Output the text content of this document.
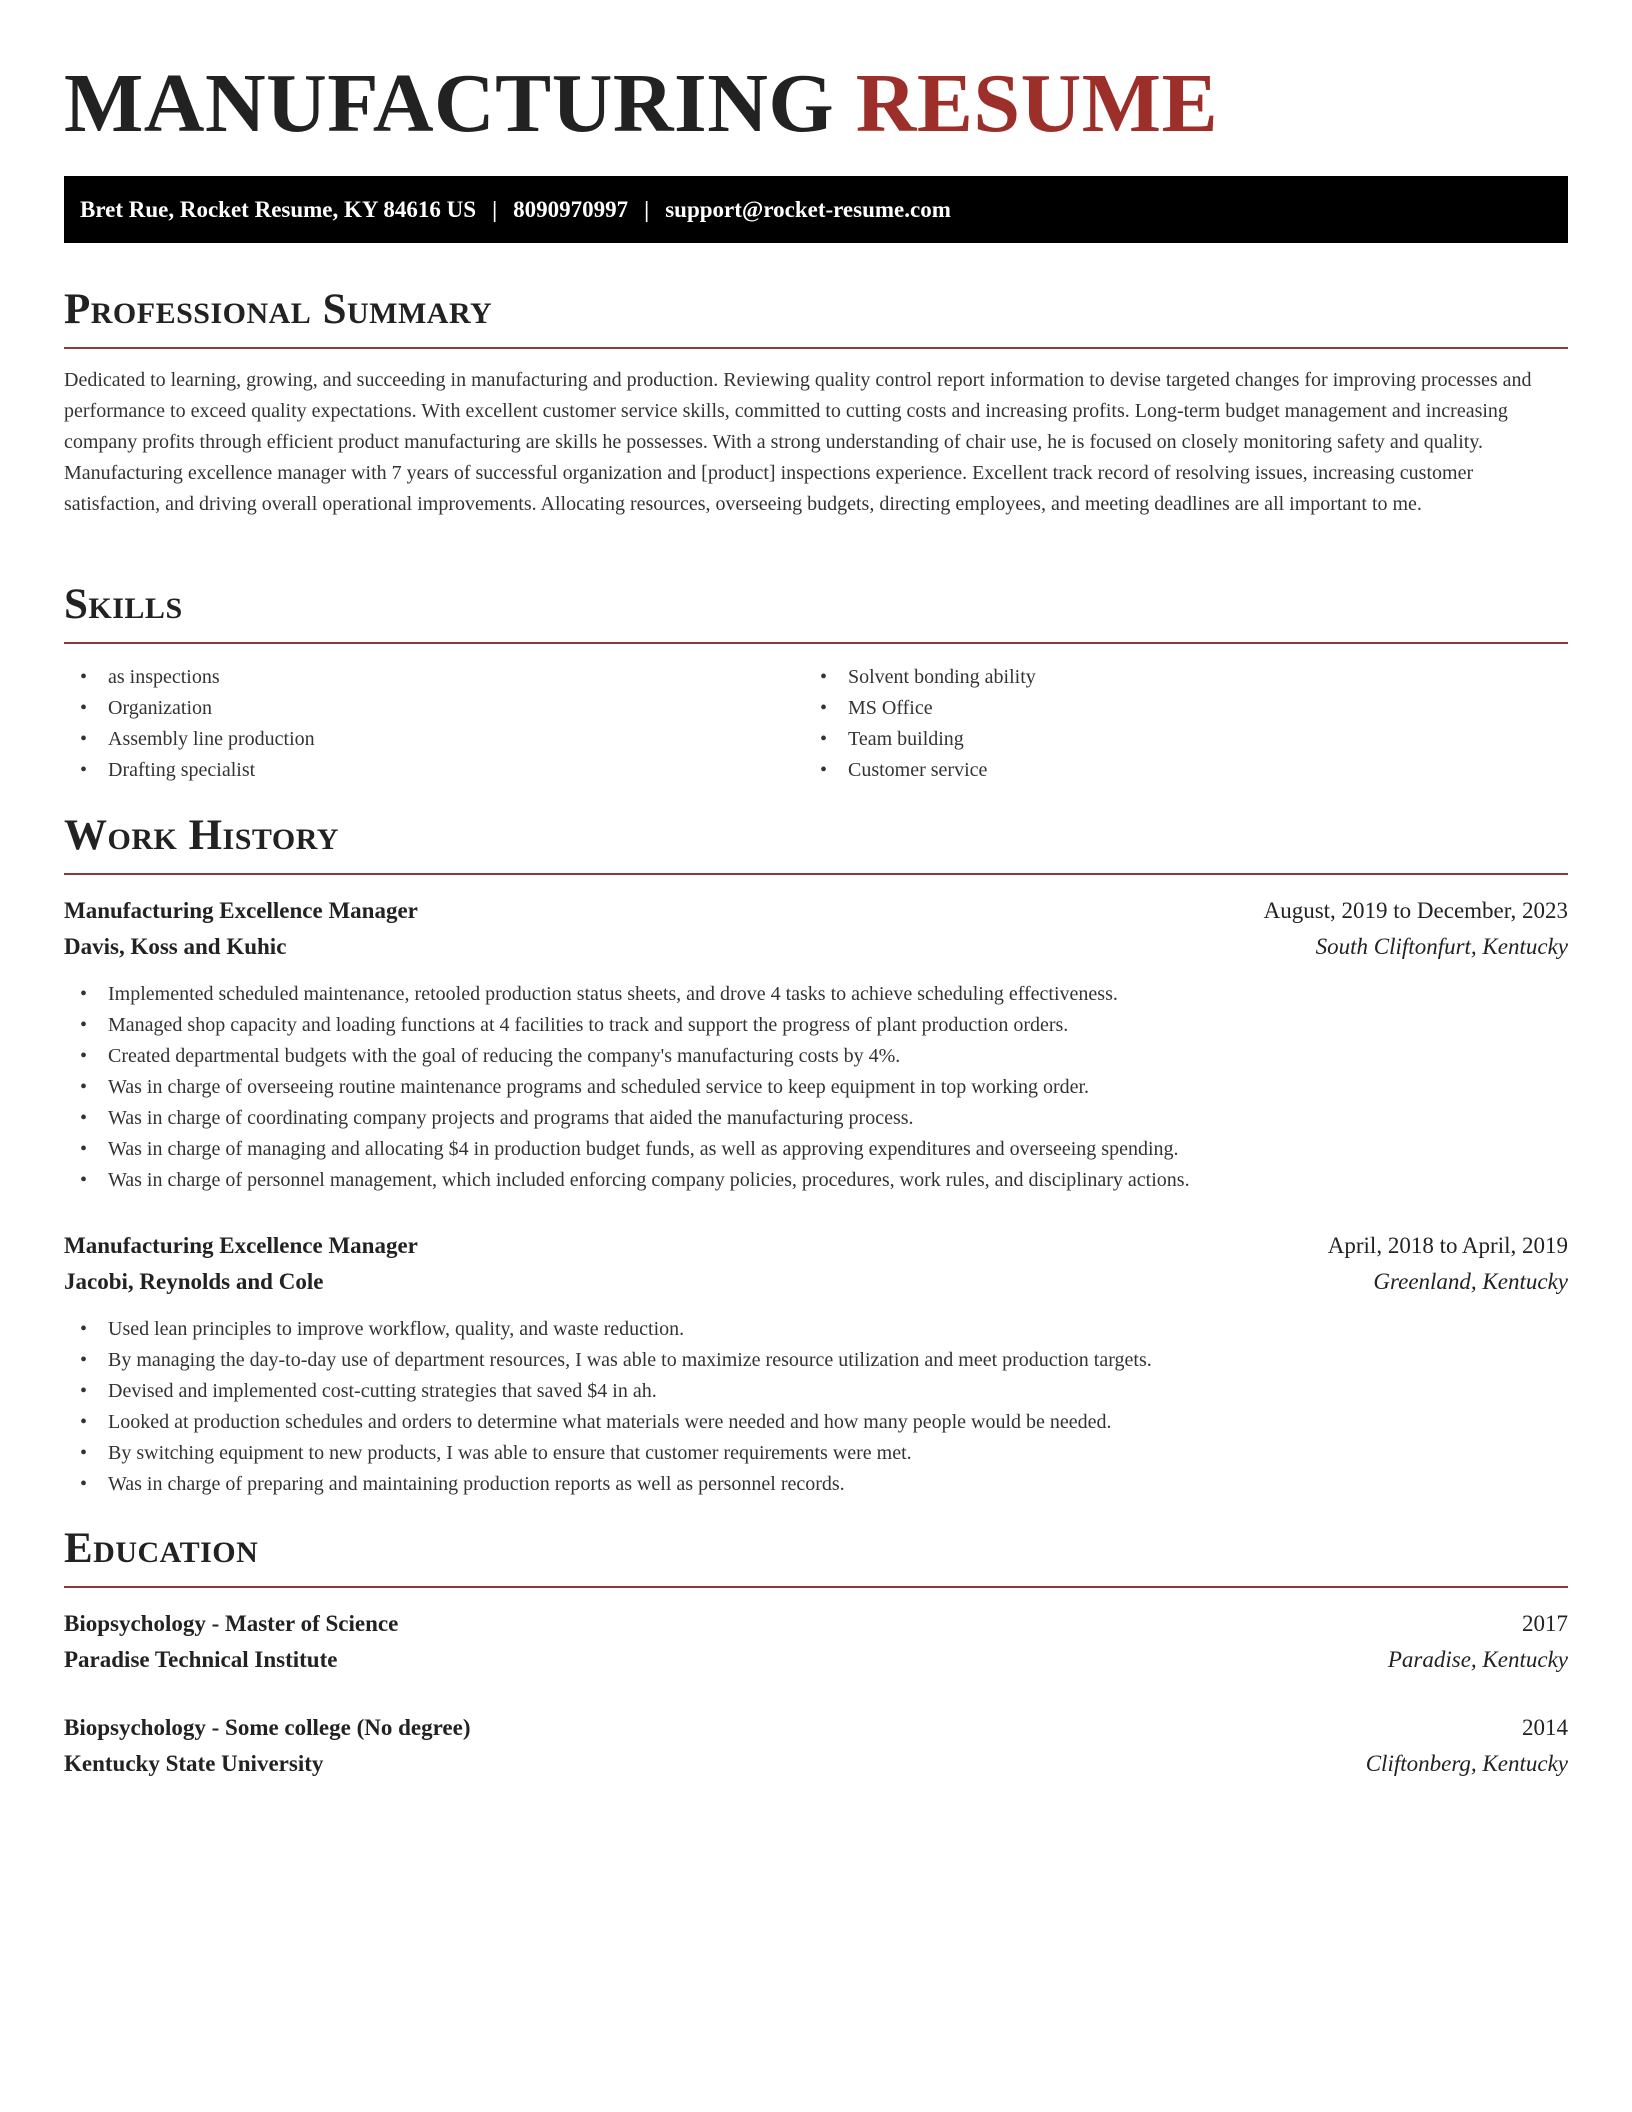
MANUFACTURING RESUME
Bret Rue, Rocket Resume, KY 84616 US | 8090970997 | support@rocket-resume.com
Professional Summary

Dedicated to learning, growing, and succeeding in manufacturing and production. Reviewing quality control report information to devise targeted changes for improving processes and performance to exceed quality expectations. With excellent customer service skills, committed to cutting costs and increasing profits. Long-term budget management and increasing company profits through efficient product manufacturing are skills he possesses. With a strong understanding of chair use, he is focused on closely monitoring safety and quality. Manufacturing excellence manager with 7 years of successful organization and [product] inspections experience. Excellent track record of resolving issues, increasing customer satisfaction, and driving overall operational improvements. Allocating resources, overseeing budgets, directing employees, and meeting deadlines are all important to me.

Skills
• as inspections
• Organization
• Assembly line production
• Drafting specialist
• Solvent bonding ability
• MS Office
• Team building
• Customer service
Work History
Manufacturing Excellence Manager	August, 2019 to December, 2023
Davis, Koss and Kuhic	South Cliftonfurt, Kentucky
• Implemented scheduled maintenance, retooled production status sheets, and drove 4 tasks to achieve scheduling effectiveness.
• Managed shop capacity and loading functions at 4 facilities to track and support the progress of plant production orders.
• Created departmental budgets with the goal of reducing the company's manufacturing costs by 4%.
• Was in charge of overseeing routine maintenance programs and scheduled service to keep equipment in top working order.
• Was in charge of coordinating company projects and programs that aided the manufacturing process.
• Was in charge of managing and allocating $4 in production budget funds, as well as approving expenditures and overseeing spending.
• Was in charge of personnel management, which included enforcing company policies, procedures, work rules, and disciplinary actions.
Manufacturing Excellence Manager	April, 2018 to April, 2019
Jacobi, Reynolds and Cole	Greenland, Kentucky
• Used lean principles to improve workflow, quality, and waste reduction.
• By managing the day-to-day use of department resources, I was able to maximize resource utilization and meet production targets.
• Devised and implemented cost-cutting strategies that saved $4 in ah.
• Looked at production schedules and orders to determine what materials were needed and how many people would be needed.
• By switching equipment to new products, I was able to ensure that customer requirements were met.
• Was in charge of preparing and maintaining production reports as well as personnel records.
Education
Biopsychology - Master of Science	2017
Paradise Technical Institute	Paradise, Kentucky
Biopsychology - Some college (No degree)	2014
Kentucky State University	Cliftonberg, Kentucky
